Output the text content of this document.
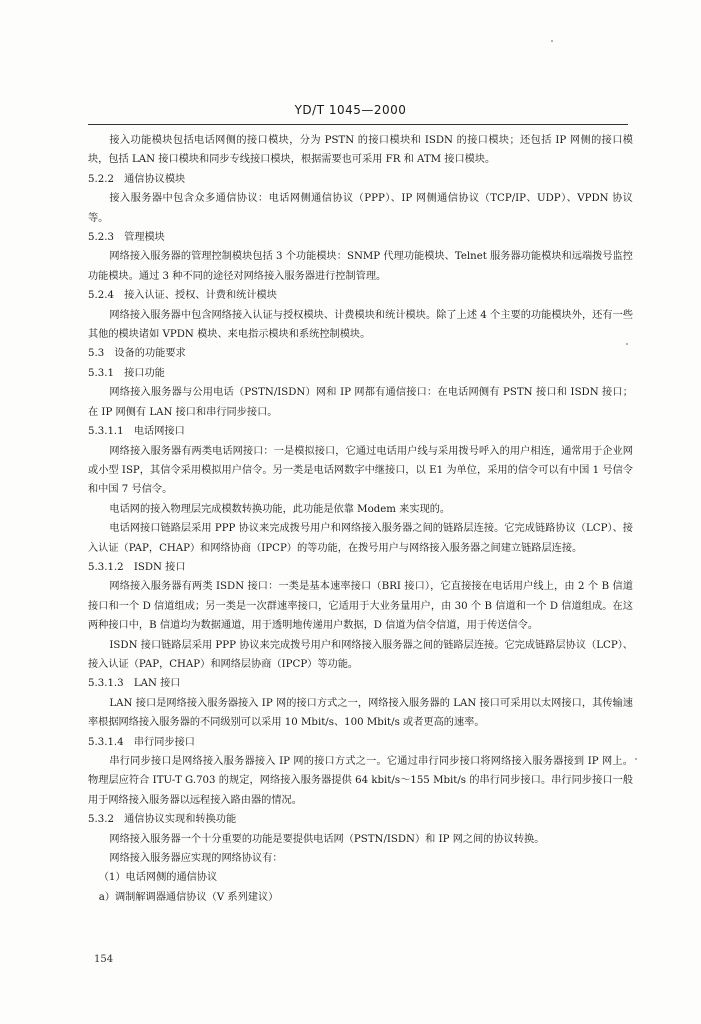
YD/T 1045—2000

接入功能模块包括电话网侧的接口模块，分为 PSTN 的接口模块和 ISDN 的接口模块；还包括 IP 网侧的接口模块，包括 LAN 接口模块和同步专线接口模块，根据需要也可采用 FR 和 ATM 接口模块。

5.2.2　通信协议模块

接入服务器中包含众多通信协议：电话网侧通信协议（PPP）、IP 网侧通信协议（TCP/IP、UDP）、VPDN 协议等。

5.2.3　管理模块

网络接入服务器的管理控制模块包括 3 个功能模块：SNMP 代理功能模块、Telnet 服务器功能模块和远端拨号监控功能模块。通过 3 种不同的途径对网络接入服务器进行控制管理。

5.2.4　接入认证、授权、计费和统计模块

网络接入服务器中包含网络接入认证与授权模块、计费模块和统计模块。除了上述 4 个主要的功能模块外，还有一些其他的模块诸如 VPDN 模块、来电指示模块和系统控制模块。

5.3　设备的功能要求

5.3.1　接口功能

网络接入服务器与公用电话（PSTN/ISDN）网和 IP 网都有通信接口：在电话网侧有 PSTN 接口和 ISDN 接口；在 IP 网侧有 LAN 接口和串行同步接口。

5.3.1.1　电话网接口

网络接入服务器有两类电话网接口：一是模拟接口，它通过电话用户线与采用拨号呼入的用户相连，通常用于企业网或小型 ISP，其信令采用模拟用户信令。另一类是电话网数字中继接口，以 E1 为单位，采用的信令可以有中国 1 号信令和中国 7 号信令。

电话网的接入物理层完成模数转换功能，此功能是依靠 Modem 来实现的。

电话网接口链路层采用 PPP 协议来完成拨号用户和网络接入服务器之间的链路层连接。它完成链路协议（LCP）、接入认证（PAP，CHAP）和网络协商（IPCP）的等功能，在拨号用户与网络接入服务器之间建立链路层连接。

5.3.1.2　ISDN 接口

网络接入服务器有两类 ISDN 接口：一类是基本速率接口（BRI 接口），它直接接在电话用户线上，由 2 个 B 信道接口和一个 D 信道组成；另一类是一次群速率接口，它适用于大业务量用户，由 30 个 B 信道和一个 D 信道组成。在这两种接口中，B 信道均为数据通道，用于透明地传递用户数据，D 信道为信令信道，用于传送信令。

ISDN 接口链路层采用 PPP 协议来完成拨号用户和网络接入服务器之间的链路层连接。它完成链路层协议（LCP）、接入认证（PAP，CHAP）和网络层协商（IPCP）等功能。

5.3.1.3　LAN 接口

LAN 接口是网络接入服务器接入 IP 网的接口方式之一，网络接入服务器的 LAN 接口可采用以太网接口，其传输速率根据网络接入服务器的不同级别可以采用 10 Mbit/s、100 Mbit/s 或者更高的速率。

5.3.1.4　串行同步接口

串行同步接口是网络接入服务器接入 IP 网的接口方式之一。它通过串行同步接口将网络接入服务器接到 IP 网上。物理层应符合 ITU-T G.703 的规定，网络接入服务器提供 64 kbit/s～155 Mbit/s 的串行同步接口。串行同步接口一般用于网络接入服务器以远程接入路由器的情况。

5.3.2　通信协议实现和转换功能

网络接入服务器一个十分重要的功能是要提供电话网（PSTN/ISDN）和 IP 网之间的协议转换。

网络接入服务器应实现的网络协议有：

（1）电话网侧的通信协议

a）调制解调器通信协议（V 系列建议）

154
